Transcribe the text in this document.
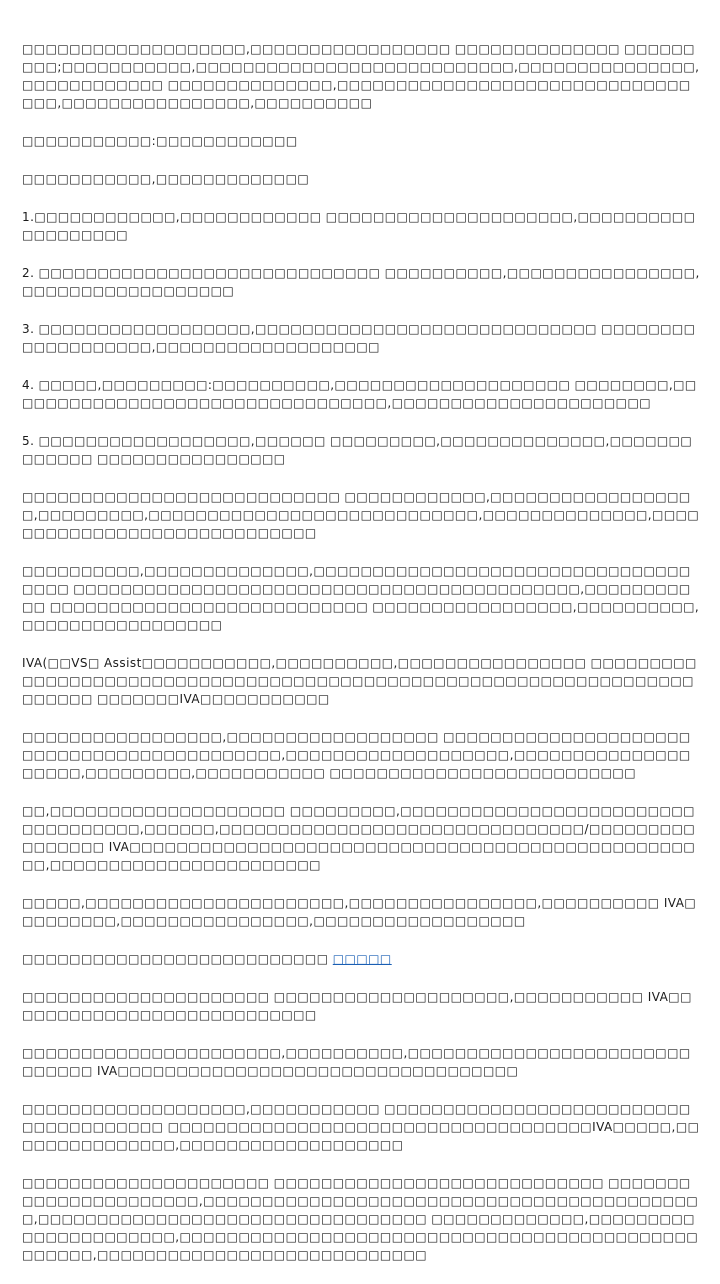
□□□□□□□□□□□□□□□□□□□,□□□□□□□□□□□□□□□□□ □□□□□□□□□□□□□□ □□□□□□□□□;□□□□□□□□□□□,□□□□□□□□□□□□□□□□□□□□□□□□□□□,□□□□□□□□□□□□□□□,□□□□□□□□□□□□ □□□□□□□□□□□□□□,□□□□□□□□□□□□□□□□□□□□□□□□□□□□□□□□□,□□□□□□□□□□□□□□□□,□□□□□□□□□□

□□□□□□□□□□□:□□□□□□□□□□□□

□□□□□□□□□□□,□□□□□□□□□□□□□

1.□□□□□□□□□□□□,□□□□□□□□□□□□ □□□□□□□□□□□□□□□□□□□□□,□□□□□□□□□□□□□□□□□□□

2. □□□□□□□□□□□□□□□□□□□□□□□□□□□□□ □□□□□□□□□□,□□□□□□□□□□□□□□□□,□□□□□□□□□□□□□□□□□□

3. □□□□□□□□□□□□□□□□□□,□□□□□□□□□□□□□□□□□□□□□□□□□□□□□ □□□□□□□□□□□□□□□□□□□,□□□□□□□□□□□□□□□□□□□

4. □□□□□,□□□□□□□□□:□□□□□□□□□□,□□□□□□□□□□□□□□□□□□□□ □□□□□□□□,□□□□□□□□□□□□□□□□□□□□□□□□□□□□□□□□□,□□□□□□□□□□□□□□□□□□□□□□

5. □□□□□□□□□□□□□□□□□□,□□□□□□ □□□□□□□□□,□□□□□□□□□□□□□□,□□□□□□□□□□□□□ □□□□□□□□□□□□□□□□

□□□□□□□□□□□□□□□□□□□□□□□□□□□ □□□□□□□□□□□□,□□□□□□□□□□□□□□□□□□,□□□□□□□□□,□□□□□□□□□□□□□□□□□□□□□□□□□□□□,□□□□□□□□□□□□□□,□□□□□□□□□□□□□□□□□□□□□□□□□□□□□

□□□□□□□□□□,□□□□□□□□□□□□□□,□□□□□□□□□□□□□□□□□□□□□□□□□□□□□□□□□□□□ □□□□□□□□□□□□□□□□□□□□□□□□□□□□□□□□□□□□□□□□□□□,□□□□□□□□□□□ □□□□□□□□□□□□□□□□□□□□□□□□□□□ □□□□□□□□□□□□□□□□□,□□□□□□□□□□,□□□□□□□□□□□□□□□□□

IVA(□□VS□ Assist□□□□□□□□□□□,□□□□□□□□□□,□□□□□□□□□□□□□□□□ □□□□□□□□□□□□□□□□□□□□□□□□□□□□□□□□□□□□□□□□□□□□□□□□□□□□□□□□□□□□□□□□□□□□□□□□ □□□□□□□IVA□□□□□□□□□□□

□□□□□□□□□□□□□□□□□,□□□□□□□□□□□□□□□□□□ □□□□□□□□□□□□□□□□□□□□□□□□□□□□□□□□□□□□□□□□□□□,□□□□□□□□□□□□□□□□□□□,□□□□□□□□□□□□□□□ □□□□□,□□□□□□□□□,□□□□□□□□□□□ □□□□□□□□□□□□□□□□□□□□□□□□□□

□□,□□□□□□□□□□□□□□□□□□□□ □□□□□□□□□,□□□□□□□□□□□□□□□□□□□□□□□□□□□□□□□□□□□,□□□□□□,□□□□□□□□□□□□□□□□□□□□□□□□□□□□□□□/□□□□□□□□□□□□□□□□ IVA□□□□□□□□□□□□□□□□□□□□□□□□□□□□□□□□□□□□□□□□□□□□□□□□□□,□□□□□□□□□□□□□□□□□□□□□□□

□□□□□,□□□□□□□□□□□□□□□□□□□□□□,□□□□□□□□□□□□□□□□,□□□□□□□□□□ IVA□□□□□□□□□,□□□□□□□□□□□□□□□□,□□□□□□□□□□□□□□□□□□

□□□□□□□□□□□□□□□□□□□□□□□□□□ □□□□□

□□□□□□□□□□□□□□□□□□□□□ □□□□□□□□□□□□□□□□□□□□,□□□□□□□□□□□ IVA□□□□□□□□□□□□□□□□□□□□□□□□□□□

□□□□□□□□□□□□□□□□□□□□□□,□□□□□□□□□□,□□□□□□□□□□□□□□□□□□□□□□□□□□□□□□ IVA□□□□□□□□□□□□□□□□□□□□□□□□□□□□□□□□□□

□□□□□□□□□□□□□□□□□□□,□□□□□□□□□□□ □□□□□□□□□□□□□□□□□□□□□□□□□□□□□□□□□□□□□□ □□□□□□□□□□□□□□□□□□□□□□□□□□□□□□□□□□□□IVA□□□□□,□□□□□□□□□□□□□□□,□□□□□□□□□□□□□□□□□□□

□□□□□□□□□□□□□□□□□□□□□ □□□□□□□□□□□□□□□□□□□□□□□□□□□□ □□□□□□□□□□□□□□□□□□□□□□,□□□□□□□□□□□□□□□□□□□□□□□□□□□□□□□□□□□□□□□□□□□,□□□□□□□□□□□□□□□□□□□□□□□□□□□□□□□□□ □□□□□□□□□□□□□,□□□□□□□□□□□□□□□□□□□□□□,□□□□□□□□□□□□□□□□□□□□□□□□□□□□□□□□□□□□□□□□□□□□□□□□□□,□□□□□□□□□□□□□□□□□□□□□□□□□□□□
